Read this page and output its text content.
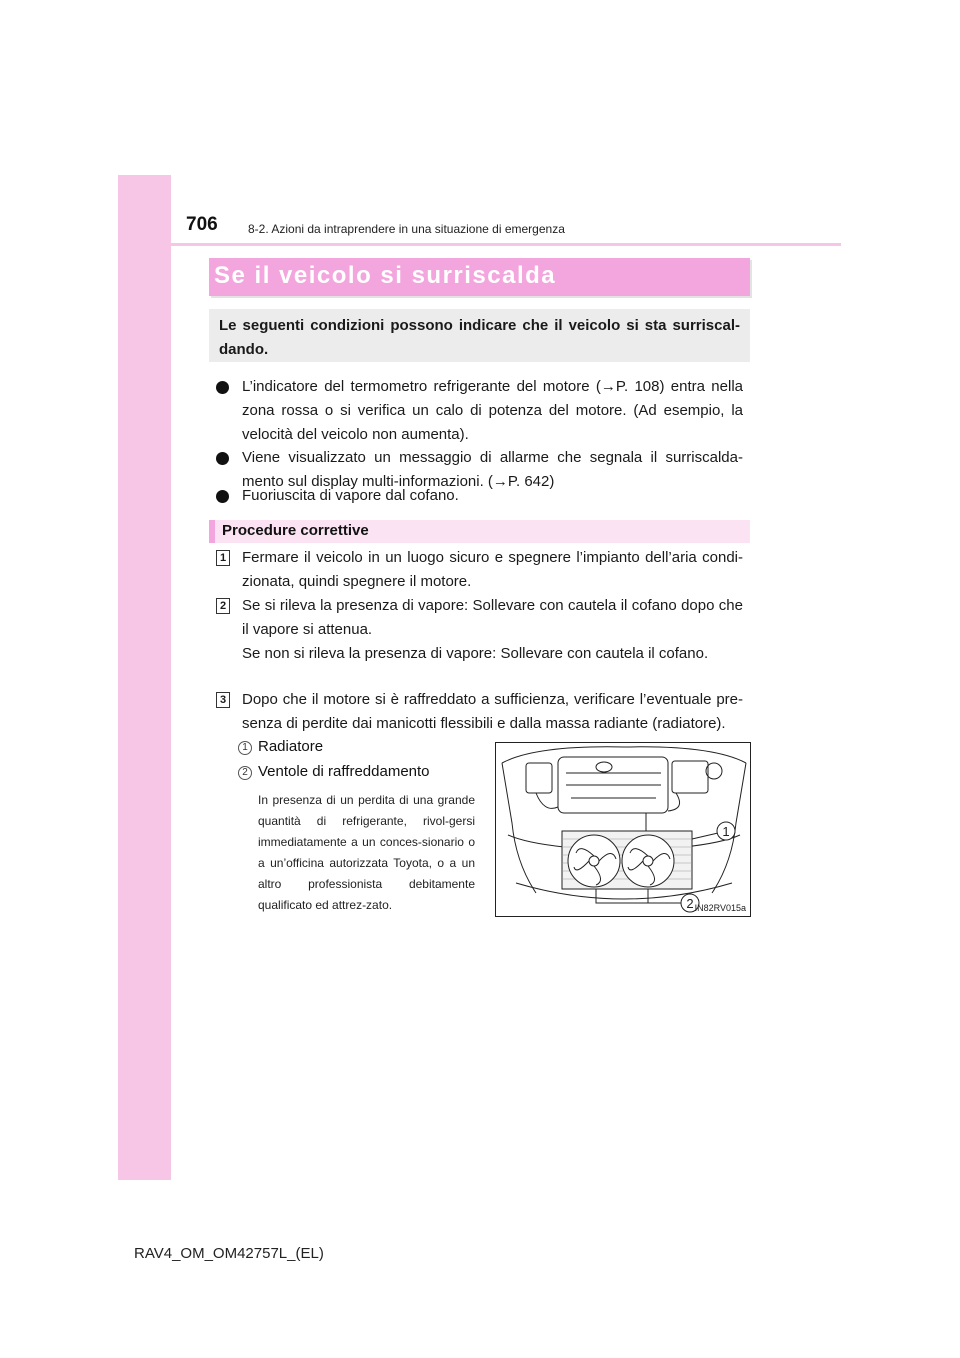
706	8-2. Azioni da intraprendere in una situazione di emergenza
Se il veicolo si surriscalda
Le seguenti condizioni possono indicare che il veicolo si sta surriscal-dando.
L’indicatore del termometro refrigerante del motore (→P. 108) entra nella zona rossa o si verifica un calo di potenza del motore. (Ad esempio, la velocità del veicolo non aumenta).
Viene visualizzato un messaggio di allarme che segnala il surriscalda-mento sul display multi-informazioni. (→P. 642)
Fuoriuscita di vapore dal cofano.
Procedure correttive
1 Fermare il veicolo in un luogo sicuro e spegnere l’impianto dell’aria condi-zionata, quindi spegnere il motore.
2 Se si rileva la presenza di vapore: Sollevare con cautela il cofano dopo che il vapore si attenua.
Se non si rileva la presenza di vapore: Sollevare con cautela il cofano.
3 Dopo che il motore si è raffreddato a sufficienza, verificare l’eventuale pre-senza di perdite dai manicotti flessibili e dalla massa radiante (radiatore).
1 Radiatore
2 Ventole di raffreddamento
In presenza di un perdita di una grande quantità di refrigerante, rivol-gersi immediatamente a un conces-sionario o a un’officina autorizzata Toyota, o a un altro professionista debitamente qualificato ed attrez-zato.
1
2 IN82RV015a
RAV4_OM_OM42757L_(EL)
